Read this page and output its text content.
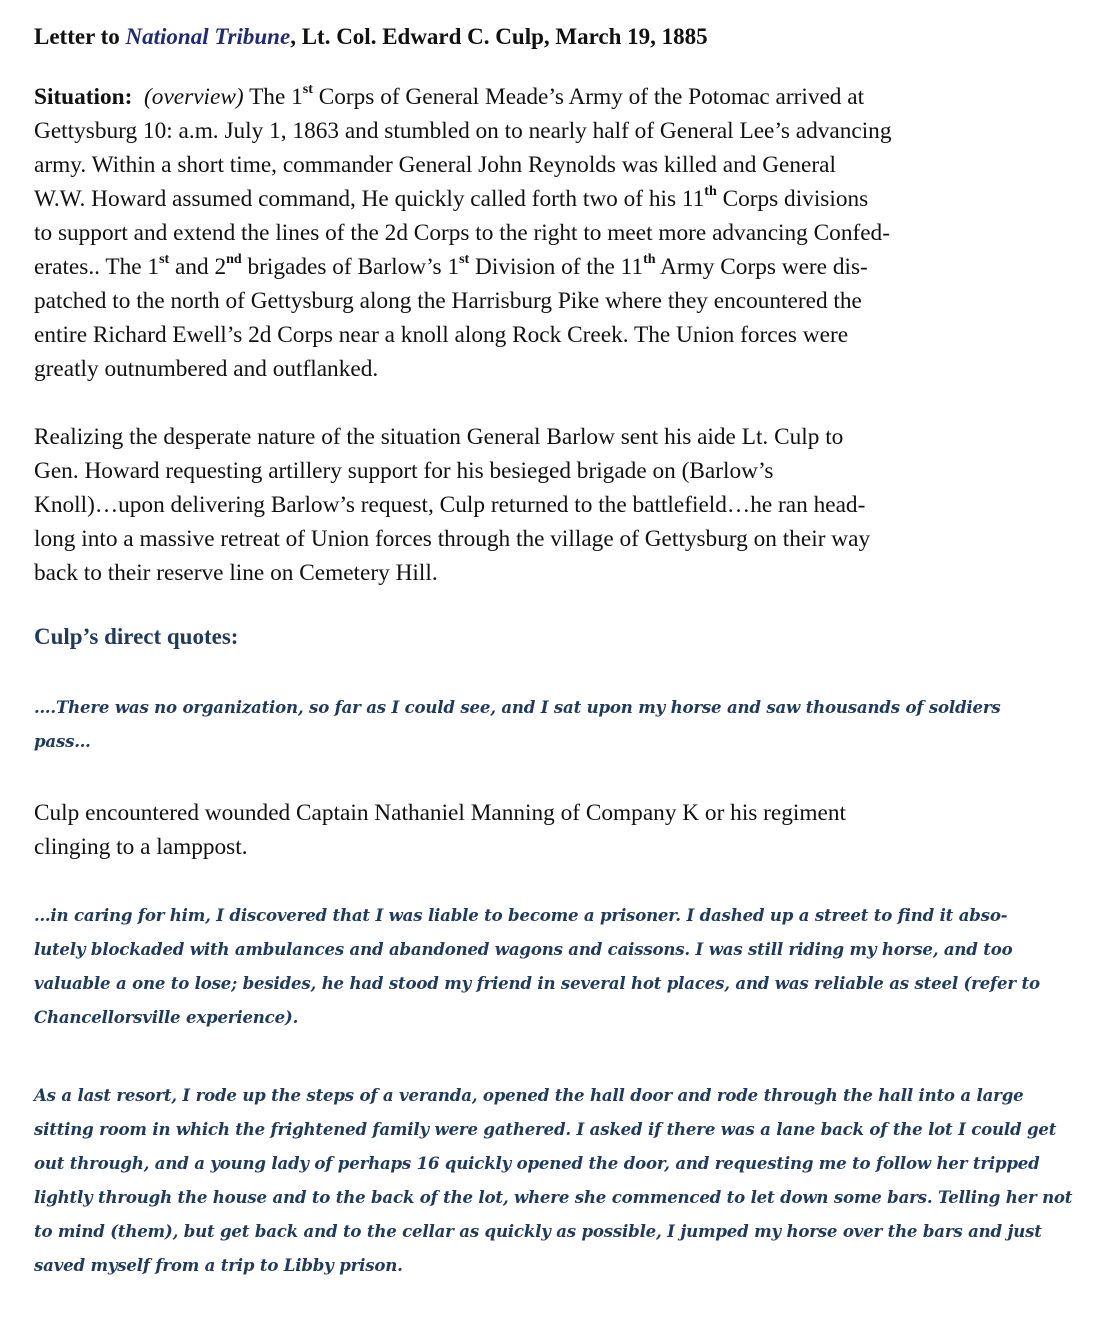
Letter to National Tribune, Lt. Col. Edward C. Culp, March 19, 1885
Situation: (overview) The 1st Corps of General Meade’s Army of the Potomac arrived at
Gettysburg 10: a.m. July 1, 1863 and stumbled on to nearly half of General Lee’s advancing
army. Within a short time, commander General John Reynolds was killed and General
W.W. Howard assumed command, He quickly called forth two of his 11th Corps divisions
to support and extend the lines of the 2d Corps to the right to meet more advancing Confed-
erates.. The 1st and 2nd brigades of Barlow’s 1st Division of the 11th Army Corps were dis-
patched to the north of Gettysburg along the Harrisburg Pike where they encountered the
entire Richard Ewell’s 2d Corps near a knoll along Rock Creek. The Union forces were
greatly outnumbered and outflanked.
Realizing the desperate nature of the situation General Barlow sent his aide Lt. Culp to
Gen. Howard requesting artillery support for his besieged brigade on (Barlow’s
Knoll)…upon delivering Barlow’s request, Culp returned to the battlefield…he ran head-
long into a massive retreat of Union forces through the village of Gettysburg on their way
back to their reserve line on Cemetery Hill.
Culp’s direct quotes:
….There was no organization, so far as I could see, and I sat upon my horse and saw thousands of soldiers
pass…
Culp encountered wounded Captain Nathaniel Manning of Company K or his regiment
clinging to a lamppost.
…in caring for him, I discovered that I was liable to become a prisoner. I dashed up a street to find it abso-
lutely blockaded with ambulances and abandoned wagons and caissons. I was still riding my horse, and too
valuable a one to lose; besides, he had stood my friend in several hot places, and was reliable as steel (refer to
Chancellorsville experience).
As a last resort, I rode up the steps of a veranda, opened the hall door and rode through the hall into a large
sitting room in which the frightened family were gathered. I asked if there was a lane back of the lot I could get
out through, and a young lady of perhaps 16 quickly opened the door, and requesting me to follow her tripped
lightly through the house and to the back of the lot, where she commenced to let down some bars. Telling her not
to mind (them), but get back and to the cellar as quickly as possible, I jumped my horse over the bars and just
saved myself from a trip to Libby prison.
